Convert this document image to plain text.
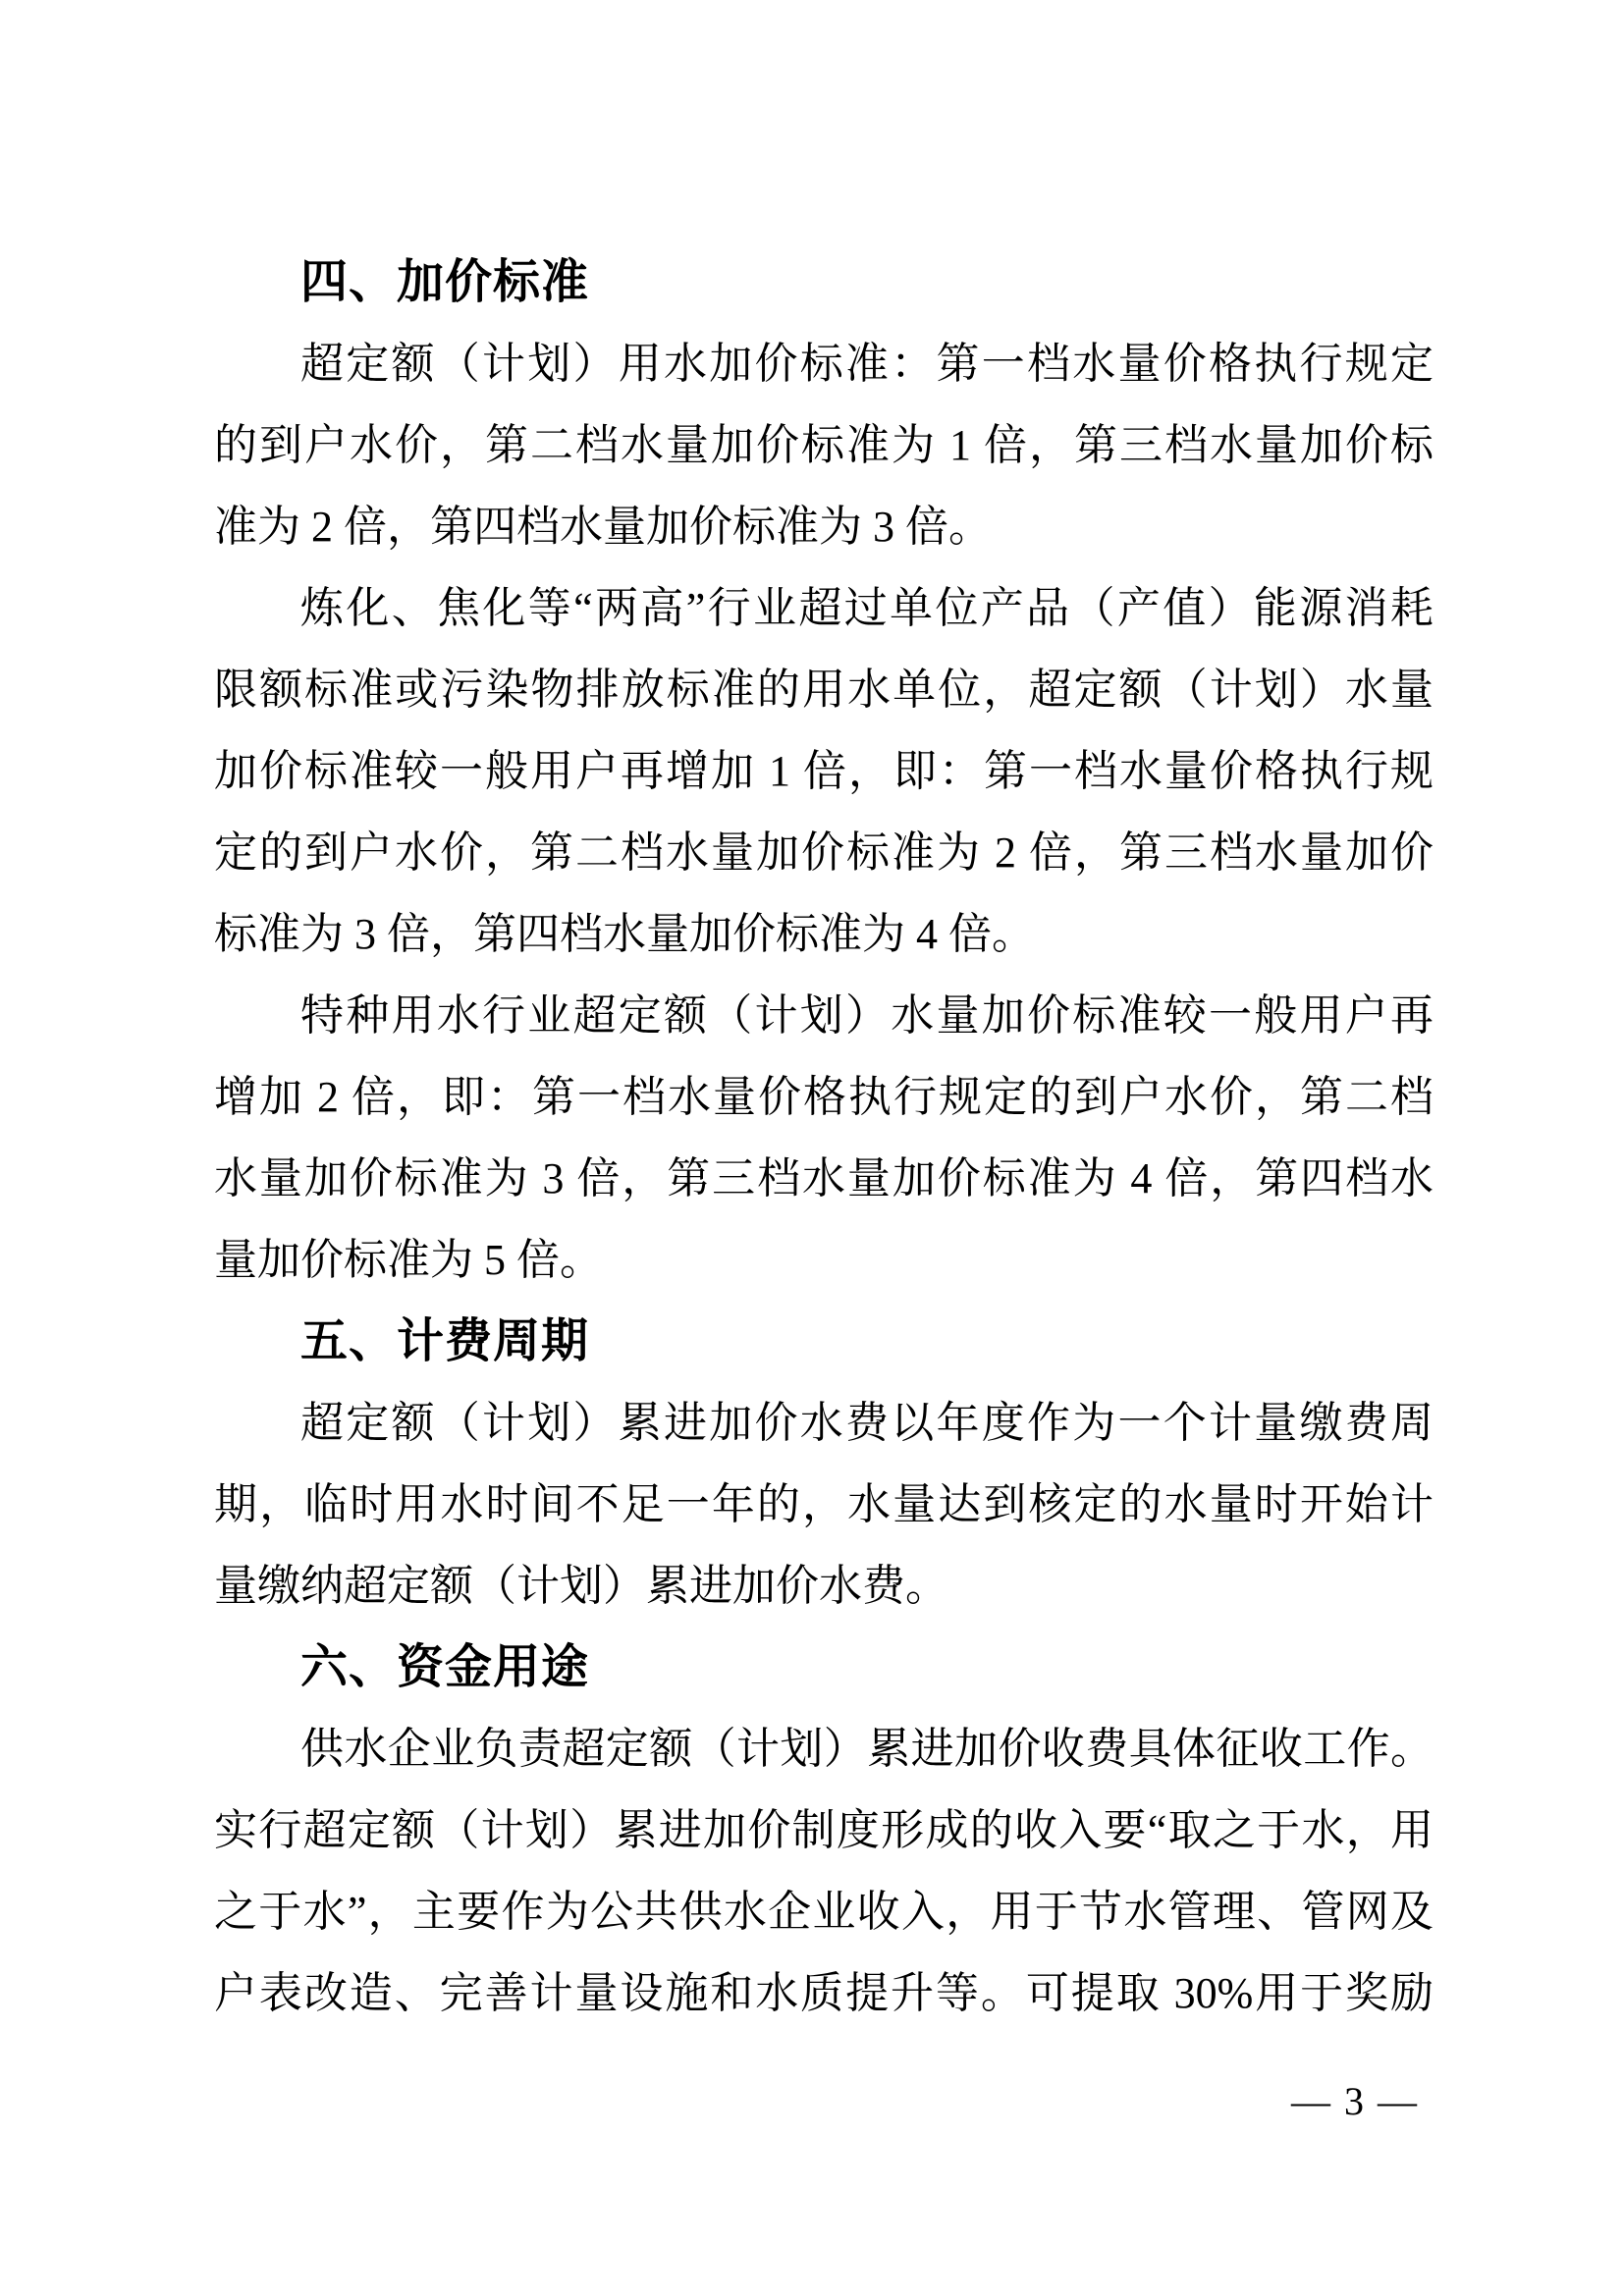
四、加价标准

超定额（计划）用水加价标准：第一档水量价格执行规定

的到户水价，第二档水量加价标准为 1 倍，第三档水量加价标

准为 2 倍，第四档水量加价标准为 3 倍。

炼化、焦化等“两高”行业超过单位产品（产值）能源消耗

限额标准或污染物排放标准的用水单位，超定额（计划）水量

加价标准较一般用户再增加 1 倍，即：第一档水量价格执行规

定的到户水价，第二档水量加价标准为 2 倍，第三档水量加价

标准为 3 倍，第四档水量加价标准为 4 倍。

特种用水行业超定额（计划）水量加价标准较一般用户再

增加 2 倍，即：第一档水量价格执行规定的到户水价，第二档

水量加价标准为 3 倍，第三档水量加价标准为 4 倍，第四档水

量加价标准为 5 倍。

五、计费周期

超定额（计划）累进加价水费以年度作为一个计量缴费周

期，临时用水时间不足一年的，水量达到核定的水量时开始计

量缴纳超定额（计划）累进加价水费。

六、资金用途

供水企业负责超定额（计划）累进加价收费具体征收工作。

实行超定额（计划）累进加价制度形成的收入要“取之于水，用

之于水”，主要作为公共供水企业收入，用于节水管理、管网及

户表改造、完善计量设施和水质提升等。可提取 30%用于奖励

— 3 —
